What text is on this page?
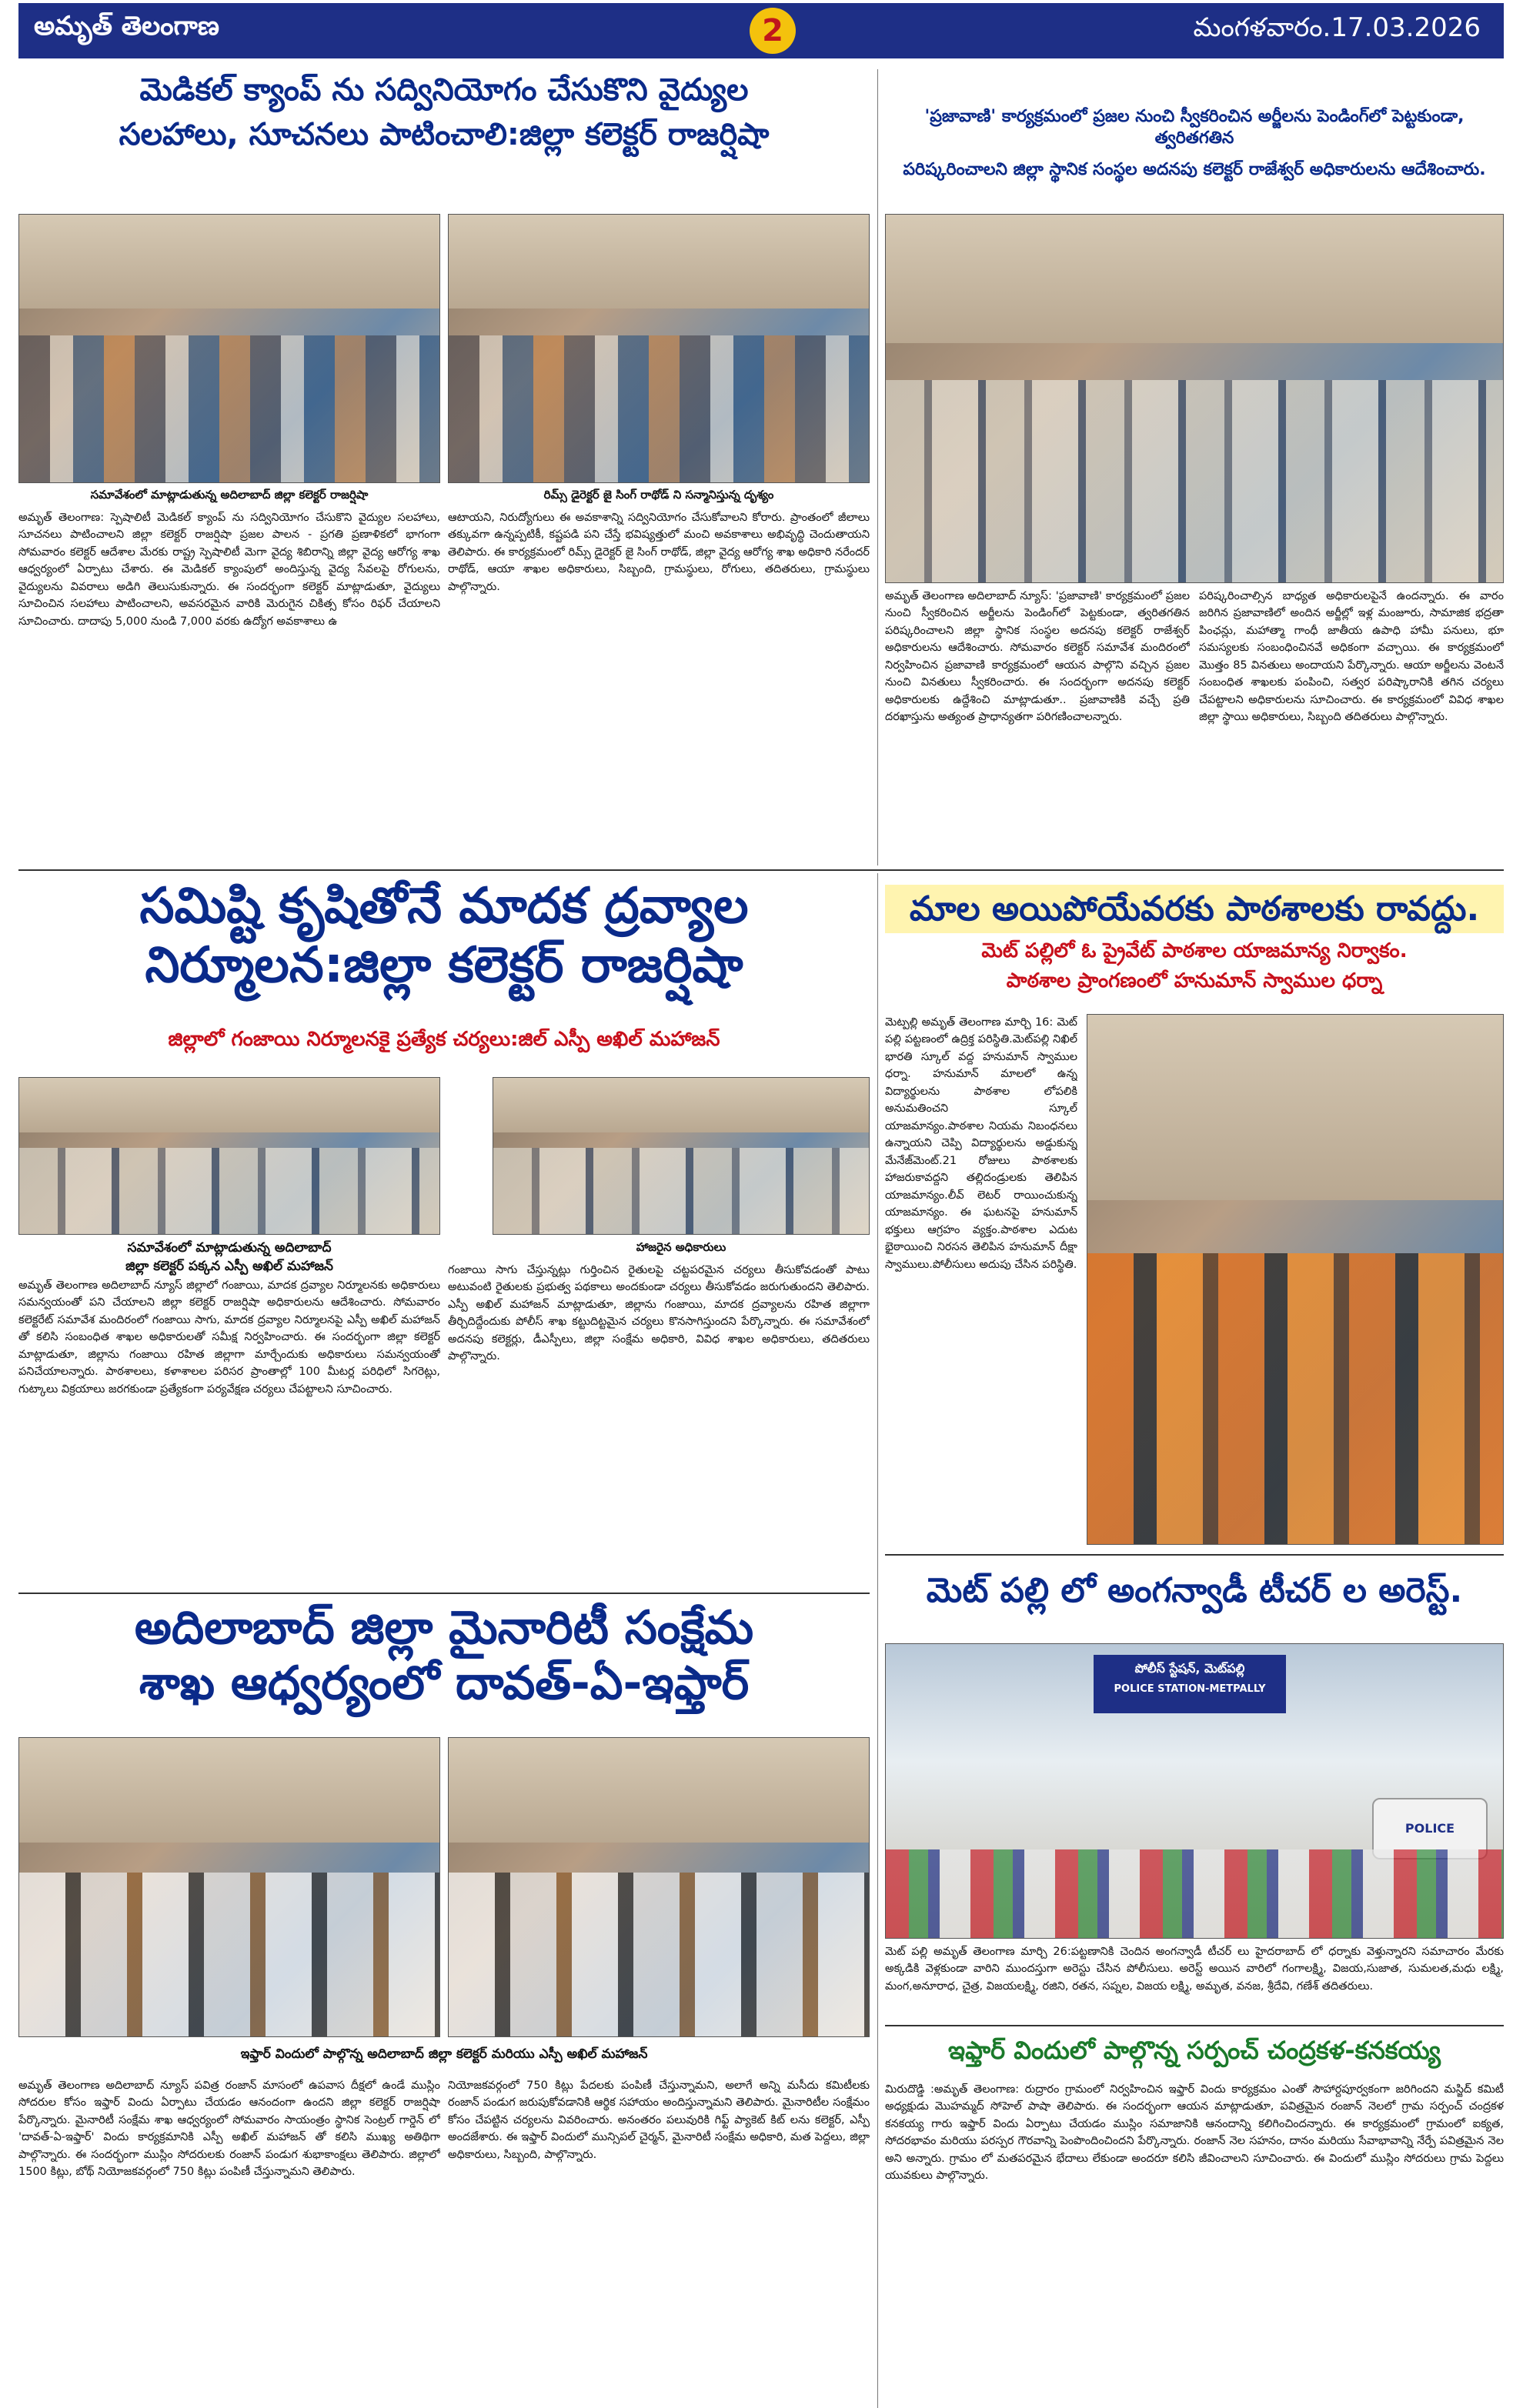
అమృత్ తెలంగాణ	2	మంగళవారం.17.03.2026
మెడికల్ క్యాంప్ ను సద్వినియోగం చేసుకొని వైద్యుల
సలహాలు, సూచనలు పాటించాలి:జిల్లా కలెక్టర్ రాజర్షిషా
సమావేశంలో మాట్లాడుతున్న అదిలాబాద్ జిల్లా కలెక్టర్ రాజర్షిషా	రిమ్స్ డైరెక్టర్ జై సింగ్ రాథోడ్ ని సన్మానిస్తున్న దృశ్యం
అమృత్ తెలంగాణ: స్పెషాలిటీ మెడికల్ క్యాంప్ ను సద్వినియోగం చేసుకొని వైద్యుల సలహాలు, సూచనలు పాటించాలని జిల్లా కలెక్టర్ రాజర్షిషా ప్రజల పాలన - ప్రగతి ప్రణాళికలో భాగంగా సోమవారం కలెక్టర్ ఆదేశాల మేరకు రాష్ట్ర స్పెషాలిటీ మెగా వైద్య శిబిరాన్ని జిల్లా వైద్య ఆరోగ్య శాఖ ఆధ్వర్యంలో ఏర్పాటు చేశారు. ఈ మెడికల్ క్యాంపులో అందిస్తున్న వైద్య సేవలపై రోగులను, వైద్యులను వివరాలు అడిగి తెలుసుకున్నారు. ఈ సందర్భంగా కలెక్టర్ మాట్లాడుతూ, వైద్యులు సూచించిన సలహాలు పాటించాలని, అవసరమైన వారికి మెరుగైన చికిత్స కోసం రిఫర్ చేయాలని సూచించారు. దాదాపు 5,000 నుండి 7,000 వరకు ఉద్యోగ అవకాశాలు ఉ
ఆటాయని, నిరుద్యోగులు ఈ అవకాశాన్ని సద్వినియోగం చేసుకోవాలని కోరారు. ప్రాంతంలో జీలాలు తక్కువగా ఉన్నప్పటికీ, కష్టపడి పని చేస్తే భవిష్యత్తులో మంచి అవకాశాలు అభివృద్ధి చెందుతాయని తెలిపారు. ఈ కార్యక్రమంలో రిమ్స్ డైరెక్టర్ జై సింగ్ రాథోడ్, జిల్లా వైద్య ఆరోగ్య శాఖ అధికారి నరేందర్ రాథోడ్, ఆయా శాఖల అధికారులు, సిబ్బంది, గ్రామస్థులు, రోగులు, తదితరులు, గ్రామస్థులు పాల్గొన్నారు.
'ప్రజావాణి' కార్యక్రమంలో ప్రజల నుంచి స్వీకరించిన అర్జీలను పెండింగ్‌లో పెట్టకుండా, త్వరితగతిన
పరిష్కరించాలని జిల్లా స్థానిక సంస్థల అదనపు కలెక్టర్ రాజేశ్వర్ అధికారులను ఆదేశించారు.
అమృత్ తెలంగాణ అదిలాబాద్ న్యూస్: 'ప్రజావాణి' కార్యక్రమంలో ప్రజల నుంచి స్వీకరించిన అర్జీలను పెండింగ్‌లో పెట్టకుండా, త్వరితగతిన పరిష్కరించాలని జిల్లా స్థానిక సంస్థల అదనపు కలెక్టర్ రాజేశ్వర్ అధికారులను ఆదేశించారు. సోమవారం కలెక్టర్ సమావేశ మందిరంలో నిర్వహించిన ప్రజావాణి కార్యక్రమంలో ఆయన పాల్గొని వచ్చిన ప్రజల నుంచి వినతులు స్వీకరించారు. ఈ సందర్భంగా అదనపు కలెక్టర్ అధికారులకు ఉద్దేశించి మాట్లాడుతూ.. ప్రజావాణికి వచ్చే ప్రతి దరఖాస్తును అత్యంత ప్రాధాన్యతగా పరిగణించాలన్నారు.
పరిష్కరించాల్సిన బాధ్యత అధికారులపైనే ఉందన్నారు. ఈ వారం జరిగిన ప్రజావాణిలో అందిన అర్జీల్లో ఇళ్ల మంజూరు, సామాజిక భద్రతా పింఛన్లు, మహాత్మా గాంధీ జాతీయ ఉపాధి హామీ పనులు, భూ సమస్యలకు సంబంధించినవే అధికంగా వచ్చాయి. ఈ కార్యక్రమంలో మొత్తం 85 వినతులు అందాయని పేర్కొన్నారు. ఆయా అర్జీలను వెంటనే సంబంధిత శాఖలకు పంపించి, సత్వర పరిష్కారానికి తగిన చర్యలు చేపట్టాలని అధికారులను సూచించారు. ఈ కార్యక్రమంలో వివిధ శాఖల జిల్లా స్థాయి అధికారులు, సిబ్బంది తదితరులు పాల్గొన్నారు.
సమిష్టి కృషితోనే మాదక ద్రవ్యాల
నిర్మూలన:జిల్లా కలెక్టర్ రాజర్షిషా
జిల్లాలో గంజాయి నిర్మూలనకై ప్రత్యేక చర్యలు:జిల్ ఎస్పీ అఖిల్ మహాజన్
సమావేశంలో మాట్లాడుతున్న అదిలాబాద్
జిల్లా కలెక్టర్ పక్కన ఎస్పీ అఖిల్ మహాజన్
హాజరైన అధికారులు
అమృత్ తెలంగాణ అదిలాబాద్ న్యూస్ జిల్లాలో గంజాయి, మాదక ద్రవ్యాల నిర్మూలనకు అధికారులు సమన్వయంతో పని చేయాలని జిల్లా కలెక్టర్ రాజర్షిషా అధికారులను ఆదేశించారు. సోమవారం కలెక్టరేట్ సమావేశ మందిరంలో గంజాయి సాగు, మాదక ద్రవ్యాల నిర్మూలనపై ఎస్పీ అఖిల్ మహాజన్ తో కలిసి సంబంధిత శాఖల అధికారులతో సమీక్ష నిర్వహించారు. ఈ సందర్భంగా జిల్లా కలెక్టర్ మాట్లాడుతూ, జిల్లాను గంజాయి రహిత జిల్లాగా మార్చేందుకు అధికారులు సమన్వయంతో పనిచేయాలన్నారు. పాఠశాలలు, కళాశాలల పరిసర ప్రాంతాల్లో 100 మీటర్ల పరిధిలో సిగరెట్లు, గుట్కాలు విక్రయాలు జరగకుండా ప్రత్యేకంగా పర్యవేక్షణ చర్యలు చేపట్టాలని సూచించారు.
గంజాయి సాగు చేస్తున్నట్లు గుర్తించిన రైతులపై చట్టపరమైన చర్యలు తీసుకోవడంతో పాటు అటువంటి రైతులకు ప్రభుత్వ పథకాలు అందకుండా చర్యలు తీసుకోవడం జరుగుతుందని తెలిపారు. ఎస్పీ అఖిల్ మహాజన్ మాట్లాడుతూ, జిల్లాను గంజాయి, మాదక ద్రవ్యాలను రహిత జిల్లాగా తీర్చిదిద్దేందుకు పోలీస్ శాఖ కట్టుదిట్టమైన చర్యలు కొనసాగిస్తుందని పేర్కొన్నారు. ఈ సమావేశంలో అదనపు కలెక్టర్లు, డీఎస్పీలు, జిల్లా సంక్షేమ అధికారి, వివిధ శాఖల అధికారులు, తదితరులు పాల్గొన్నారు.
మాల అయిపోయేవరకు పాఠశాలకు రావద్దు.
మెట్ పల్లిలో ఓ ప్రైవేట్ పాఠశాల యాజమాన్య నిర్వాకం.
పాఠశాల ప్రాంగణంలో హనుమాన్ స్వాముల ధర్నా
మెట్పల్లి అమృత్ తెలంగాణ మార్చి 16: మెట్ పల్లి పట్టణంలో ఉద్రిక్త పరిస్థితి.మెట్‌పల్లి నిఖిల్ భారతి స్కూల్ వద్ద హనుమాన్ స్వాముల ధర్నా. హనుమాన్ మాలలో ఉన్న విద్యార్థులను పాఠశాల లోపలికి అనుమతించని స్కూల్ యాజమాన్యం.పాఠశాల నియమ నిబంధనలు ఉన్నాయని చెప్పి విద్యార్థులను అడ్డుకున్న మేనేజ్‌మెంట్.21 రోజులు పాఠశాలకు హాజరుకావద్దని తల్లిదండ్రులకు తెలిపిన యాజమాన్యం.లీవ్ లెటర్ రాయించుకున్న యాజమాన్యం. ఈ ఘటనపై హనుమాన్ భక్తులు ఆగ్రహం వ్యక్తం.పాఠశాల ఎదుట భైఠాయించి నిరసన తెలిపిన హనుమాన్ దీక్షా స్వాములు.పోలీసులు అదుపు చేసిన పరిస్థితి.
మెట్ పల్లి లో అంగన్వాడీ టీచర్ ల అరెస్ట్.
పోలీస్ స్టేషన్, మెట్‌పల్లి
POLICE STATION-METPALLY
POLICE
మెట్ పల్లి అమృత్ తెలంగాణ మార్చి 26:పట్టణానికి చెందిన అంగన్వాడీ టీచర్ లు హైదరాబాద్ లో ధర్నాకు వెళ్తున్నారని సమాచారం మేరకు అక్కడికి వెళ్లకుండా వారిని ముందస్తుగా అరెస్టు చేసిన పోలీసులు. అరెస్ట్ అయిన వారిలో గంగాలక్ష్మి, విజయ,సుజాత, సుమలత,మధు లక్ష్మి, మంగ,అనూరాధ, చైత్ర, విజయలక్ష్మి, రజిని, రతన, సప్నల, విజయ లక్ష్మి, అమృత, వనజ, శ్రీదేవి, గణేశ్ తదితరులు.
ఇఫ్తార్ విందులో పాల్గొన్న సర్పంచ్ చంద్రకళ-కనకయ్య
మిరుదొడ్డి :అమృత్ తెలంగాణ: రుద్రారం గ్రామంలో నిర్వహించిన ఇఫ్తార్ విందు కార్యక్రమం ఎంతో సౌహార్దపూర్వకంగా జరిగిందని మస్జిద్ కమిటీ అధ్యక్షుడు మొహమ్మద్ సోహెల్ పాషా తెలిపారు. ఈ సందర్భంగా ఆయన మాట్లాడుతూ, పవిత్రమైన రంజాన్ నెలలో గ్రామ సర్పంచ్ చంద్రకళ కనకయ్య గారు ఇఫ్తార్ విందు ఏర్పాటు చేయడం ముస్లిం సమాజానికి ఆనందాన్ని కలిగించిందన్నారు. ఈ కార్యక్రమంలో గ్రామంలో ఐక్యత, సోదరభావం మరియు పరస్పర గౌరవాన్ని పెంపొందించిందని పేర్కొన్నారు. రంజాన్ నెల సహనం, దానం మరియు సేవాభావాన్ని నేర్పే పవిత్రమైన నెల అని అన్నారు. గ్రామం లో మతపరమైన భేదాలు లేకుండా అందరూ కలిసి జీవించాలని సూచించారు. ఈ విందులో ముస్లిం సోదరులు గ్రామ పెద్దలు యువకులు పాల్గొన్నారు.
అదిలాబాద్ జిల్లా మైనారిటీ సంక్షేమ
శాఖ ఆధ్వర్యంలో దావత్-ఏ-ఇఫ్తార్
ఇఫ్తార్ విందులో పాల్గొన్న అదిలాబాద్ జిల్లా కలెక్టర్ మరియు ఎస్పీ అఖిల్ మహాజన్
అమృత్ తెలంగాణ అదిలాబాద్ న్యూస్ పవిత్ర రంజాన్ మాసంలో ఉపవాస దీక్షలో ఉండే ముస్లిం సోదరుల కోసం ఇఫ్తార్ విందు ఏర్పాటు చేయడం ఆనందంగా ఉందని జిల్లా కలెక్టర్ రాజర్షిషా పేర్కొన్నారు. మైనారిటీ సంక్షేమ శాఖ ఆధ్వర్యంలో సోమవారం సాయంత్రం స్థానిక సెంట్రల్ గార్డెన్ లో 'దావత్-ఏ-ఇఫ్తార్' విందు కార్యక్రమానికి ఎస్పీ అఖిల్ మహాజన్ తో కలిసి ముఖ్య అతిథిగా పాల్గొన్నారు. ఈ సందర్భంగా ముస్లిం సోదరులకు రంజాన్ పండుగ శుభాకాంక్షలు తెలిపారు. జిల్లాలో 1500 కిట్లు, బోథ్ నియోజకవర్గంలో 750 కిట్లు పంపిణీ చేస్తున్నామని తెలిపారు.
నియోజకవర్గంలో 750 కిట్లు పేదలకు పంపిణీ చేస్తున్నామని, అలాగే అన్ని మసీదు కమిటీలకు రంజాన్ పండుగ జరుపుకోవడానికి ఆర్థిక సహాయం అందిస్తున్నామని తెలిపారు. మైనారిటీల సంక్షేమం కోసం చేపట్టిన చర్యలను వివరించారు. అనంతరం పలువురికి గిఫ్ట్ ప్యాకెట్ కిట్ లను కలెక్టర్, ఎస్పీ అందజేశారు. ఈ ఇఫ్తార్ విందులో మున్సిపల్ చైర్మన్, మైనారిటీ సంక్షేమ అధికారి, మత పెద్దలు, జిల్లా అధికారులు, సిబ్బంది, పాల్గొన్నారు.
